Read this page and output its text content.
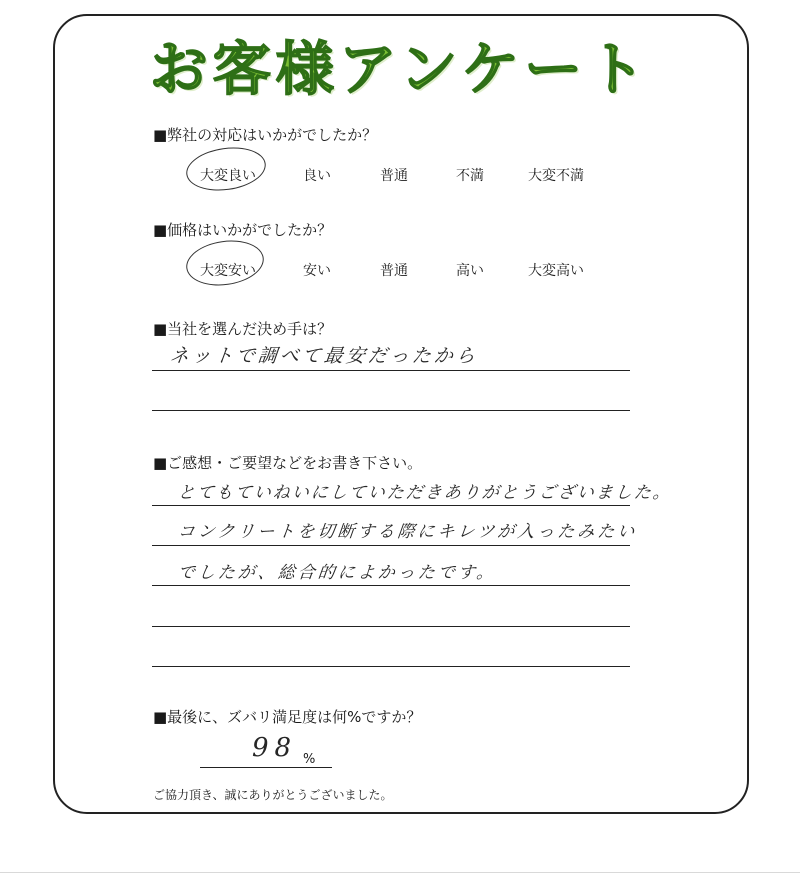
お客様アンケート
■弊社の対応はいかがでしたか？
大変良い	良い	普通	不満	大変不満
■価格はいかがでしたか？
大変安い	安い	普通	高い	大変高い
■当社を選んだ決め手は？
ネットで調べて最安だったから
■ご感想・ご要望などをお書き下さい。
とてもていねいにしていただきありがとうございました。
コンクリートを切断する際にキレツが入ったみたい
でしたが、総合的によかったです。
■最後に、ズバリ満足度は何%ですか？
98 %
ご協力頂き、誠にありがとうございました。
